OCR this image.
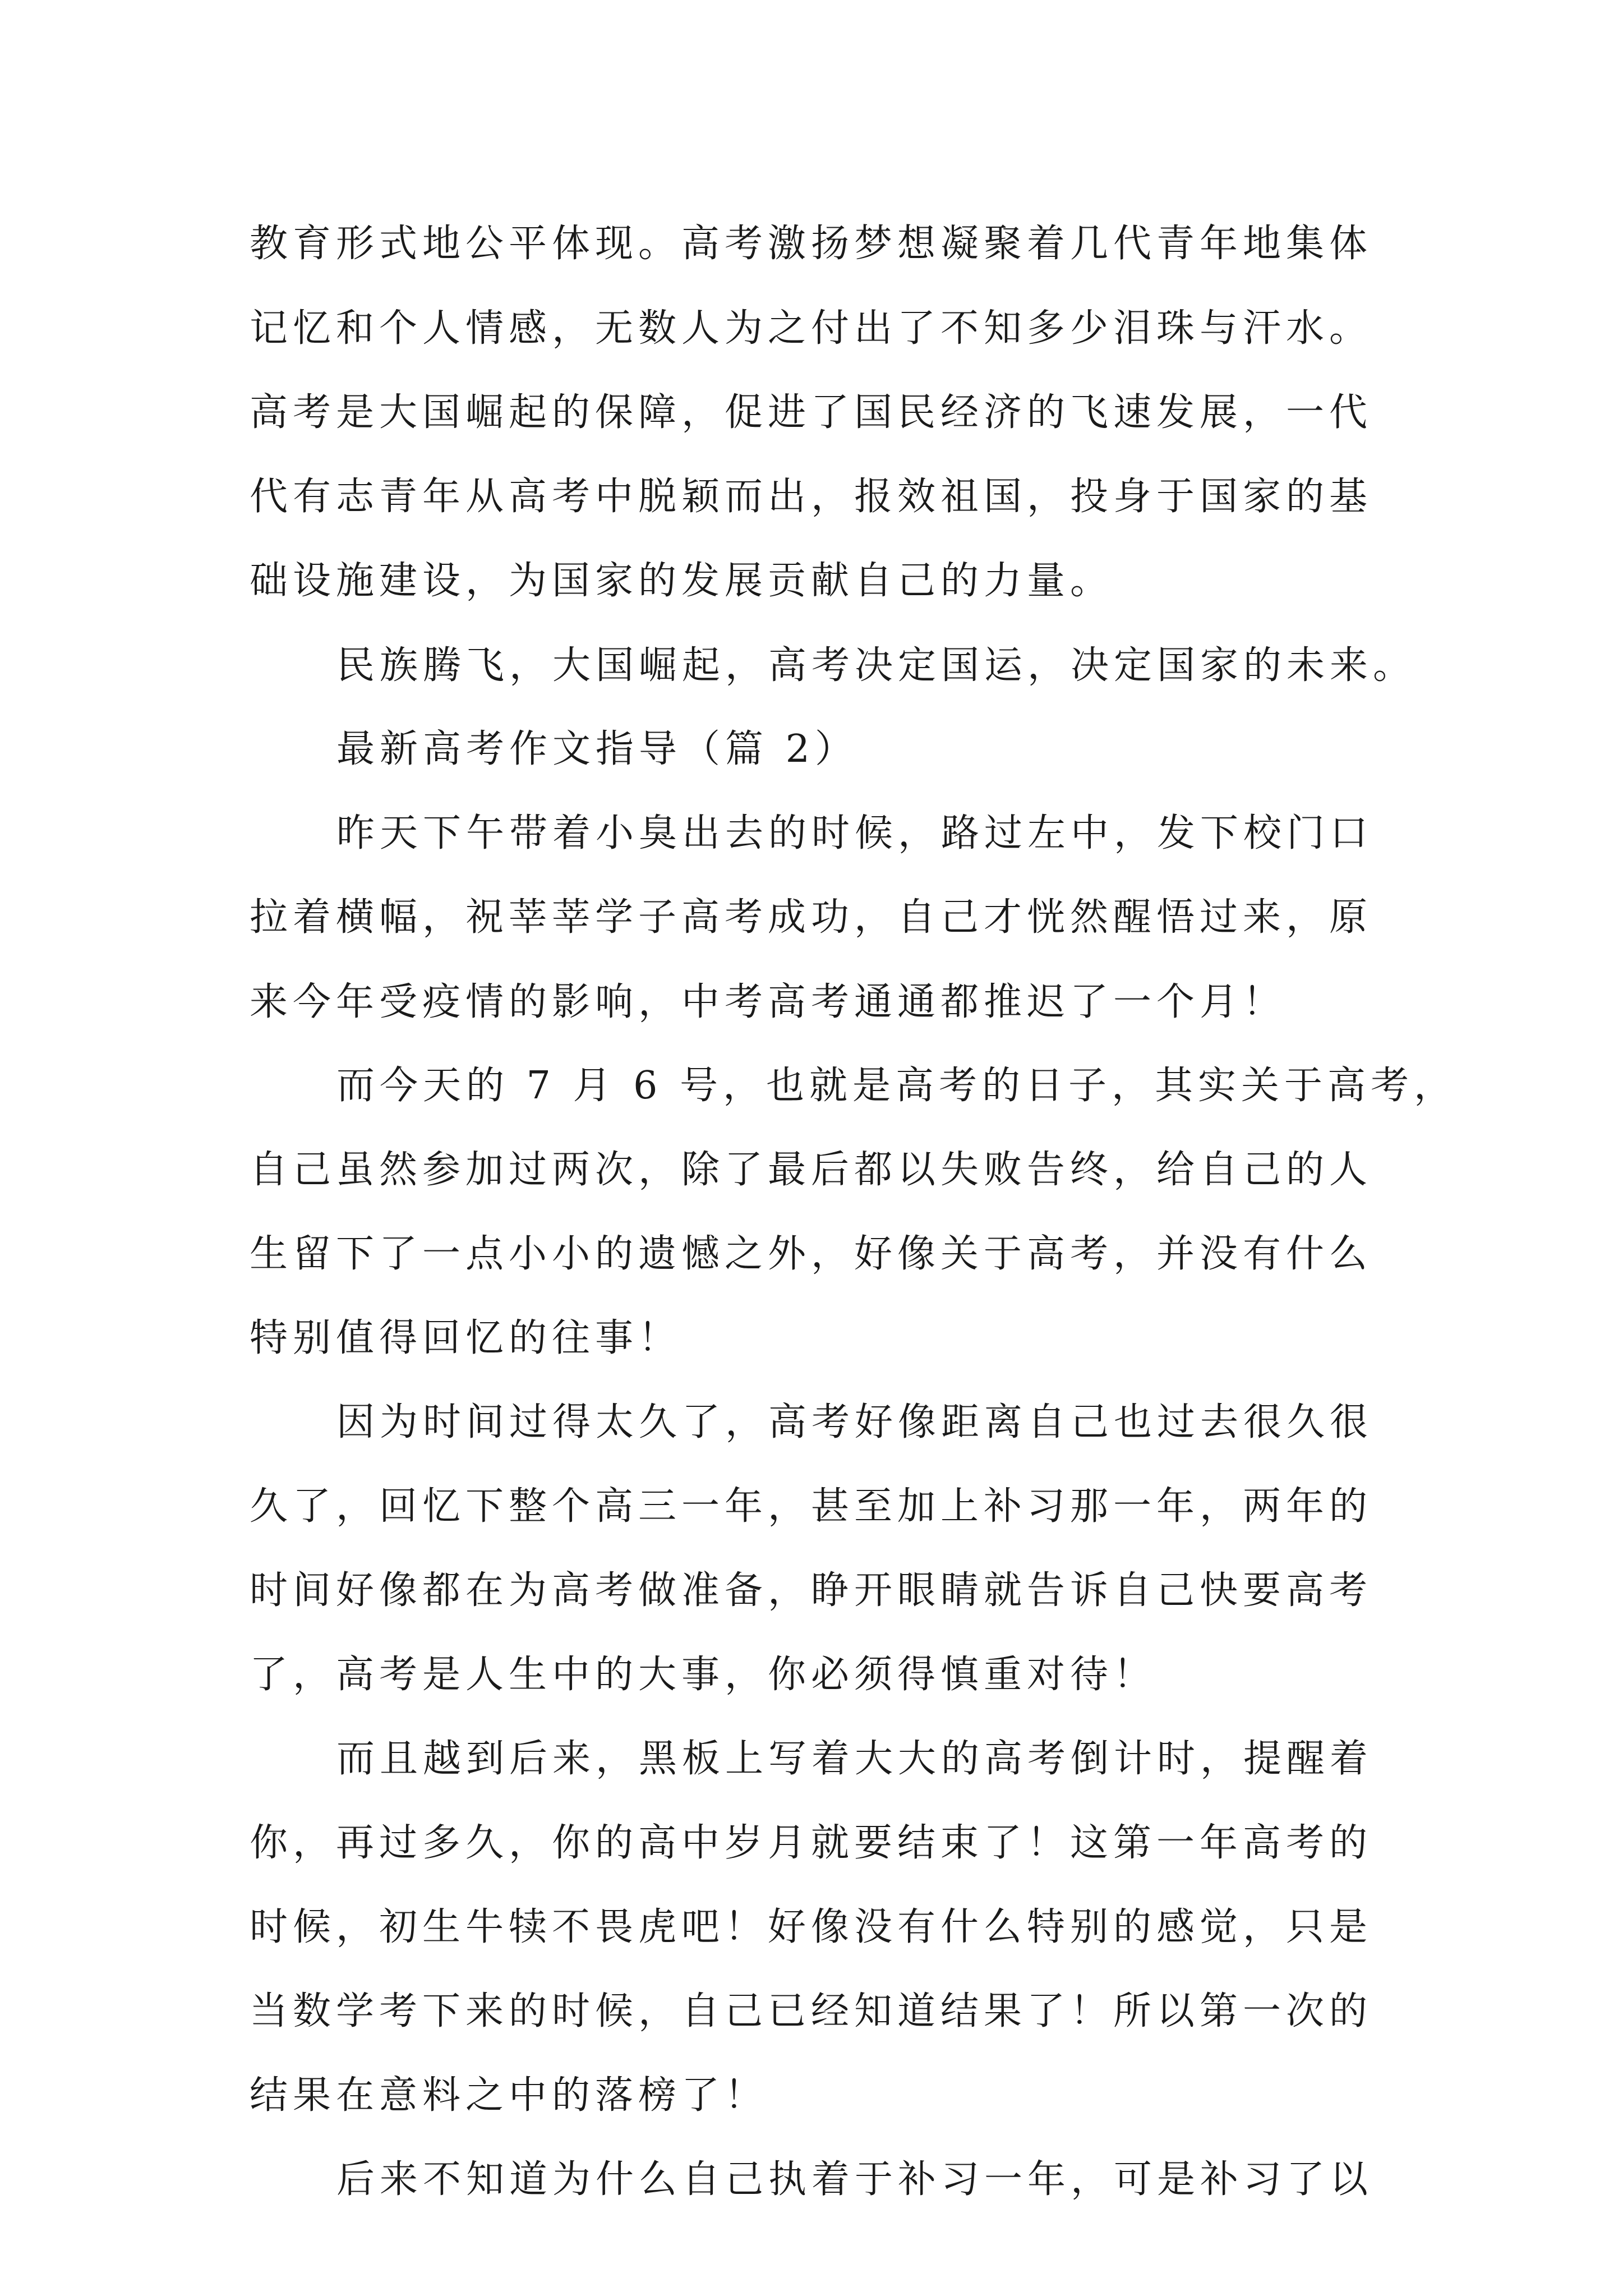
教育形式地公平体现。高考激扬梦想凝聚着几代青年地集体
记忆和个人情感，无数人为之付出了不知多少泪珠与汗水。
高考是大国崛起的保障，促进了国民经济的飞速发展，一代
代有志青年从高考中脱颖而出，报效祖国，投身于国家的基
础设施建设，为国家的发展贡献自己的力量。
民族腾飞，大国崛起，高考决定国运，决定国家的未来。
最新高考作文指导（篇 2）
昨天下午带着小臭出去的时候，路过左中，发下校门口
拉着横幅，祝莘莘学子高考成功，自己才恍然醒悟过来，原
来今年受疫情的影响，中考高考通通都推迟了一个月！
而今天的 7 月 6 号，也就是高考的日子，其实关于高考，
自己虽然参加过两次，除了最后都以失败告终，给自己的人
生留下了一点小小的遗憾之外，好像关于高考，并没有什么
特别值得回忆的往事！
因为时间过得太久了，高考好像距离自己也过去很久很
久了，回忆下整个高三一年，甚至加上补习那一年，两年的
时间好像都在为高考做准备，睁开眼睛就告诉自己快要高考
了，高考是人生中的大事，你必须得慎重对待！
而且越到后来，黑板上写着大大的高考倒计时，提醒着
你，再过多久，你的高中岁月就要结束了！这第一年高考的
时候，初生牛犊不畏虎吧！好像没有什么特别的感觉，只是
当数学考下来的时候，自己已经知道结果了！所以第一次的
结果在意料之中的落榜了！
后来不知道为什么自己执着于补习一年，可是补习了以
